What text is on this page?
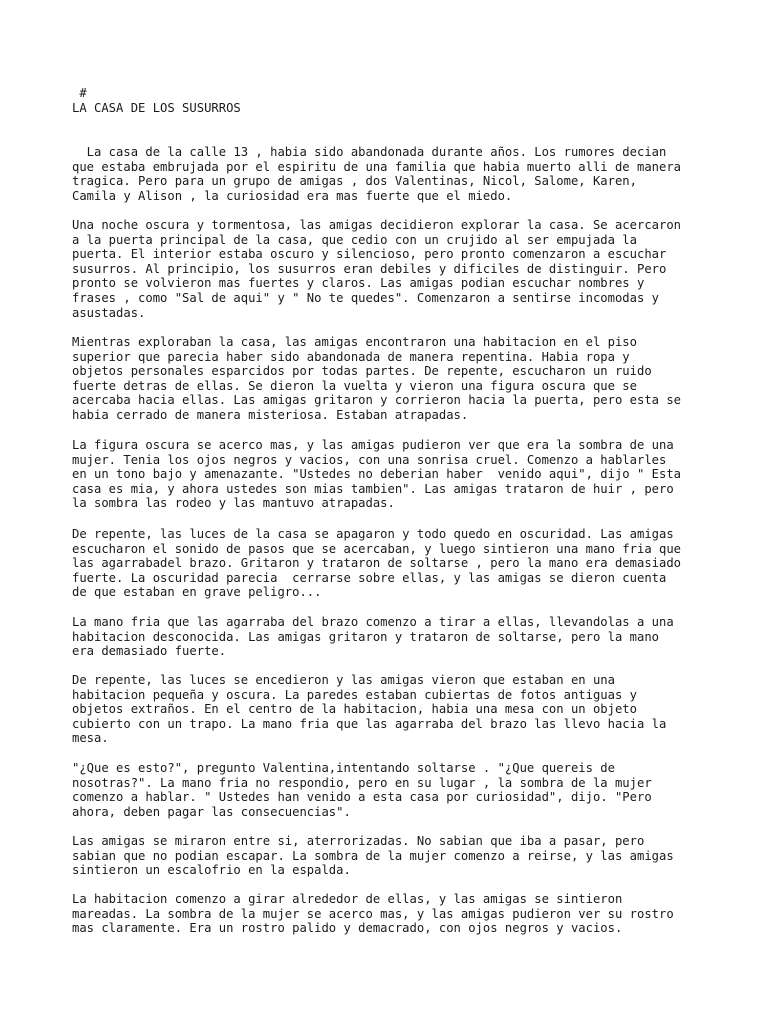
#
LA CASA DE LOS SUSURROS
La casa de la calle 13 , habia sido abandonada durante años. Los rumores decian
que estaba embrujada por el espiritu de una familia que habia muerto alli de manera
tragica. Pero para un grupo de amigas , dos Valentinas, Nicol, Salome, Karen,
Camila y Alison , la curiosidad era mas fuerte que el miedo.
Una noche oscura y tormentosa, las amigas decidieron explorar la casa. Se acercaron
a la puerta principal de la casa, que cedio con un crujido al ser empujada la
puerta. El interior estaba oscuro y silencioso, pero pronto comenzaron a escuchar
susurros. Al principio, los susurros eran debiles y dificiles de distinguir. Pero
pronto se volvieron mas fuertes y claros. Las amigas podian escuchar nombres y
frases , como "Sal de aqui" y " No te quedes". Comenzaron a sentirse incomodas y
asustadas.
Mientras exploraban la casa, las amigas encontraron una habitacion en el piso
superior que parecia haber sido abandonada de manera repentina. Habia ropa y
objetos personales esparcidos por todas partes. De repente, escucharon un ruido
fuerte detras de ellas. Se dieron la vuelta y vieron una figura oscura que se
acercaba hacia ellas. Las amigas gritaron y corrieron hacia la puerta, pero esta se
habia cerrado de manera misteriosa. Estaban atrapadas.
La figura oscura se acerco mas, y las amigas pudieron ver que era la sombra de una
mujer. Tenia los ojos negros y vacios, con una sonrisa cruel. Comenzo a hablarles
en un tono bajo y amenazante. "Ustedes no deberian haber  venido aqui", dijo " Esta
casa es mia, y ahora ustedes son mias tambien". Las amigas trataron de huir , pero
la sombra las rodeo y las mantuvo atrapadas.
De repente, las luces de la casa se apagaron y todo quedo en oscuridad. Las amigas
escucharon el sonido de pasos que se acercaban, y luego sintieron una mano fria que
las agarrabadel brazo. Gritaron y trataron de soltarse , pero la mano era demasiado
fuerte. La oscuridad parecia  cerrarse sobre ellas, y las amigas se dieron cuenta
de que estaban en grave peligro...
La mano fria que las agarraba del brazo comenzo a tirar a ellas, llevandolas a una
habitacion desconocida. Las amigas gritaron y trataron de soltarse, pero la mano
era demasiado fuerte.
De repente, las luces se encedieron y las amigas vieron que estaban en una
habitacion pequeña y oscura. La paredes estaban cubiertas de fotos antiguas y
objetos extraños. En el centro de la habitacion, habia una mesa con un objeto
cubierto con un trapo. La mano fria que las agarraba del brazo las llevo hacia la
mesa.
"¿Que es esto?", pregunto Valentina,intentando soltarse . "¿Que quereis de
nosotras?". La mano fria no respondio, pero en su lugar , la sombra de la mujer
comenzo a hablar. " Ustedes han venido a esta casa por curiosidad", dijo. "Pero
ahora, deben pagar las consecuencias".
Las amigas se miraron entre si, aterrorizadas. No sabian que iba a pasar, pero
sabian que no podian escapar. La sombra de la mujer comenzo a reirse, y las amigas
sintieron un escalofrio en la espalda.
La habitacion comenzo a girar alrededor de ellas, y las amigas se sintieron
mareadas. La sombra de la mujer se acerco mas, y las amigas pudieron ver su rostro
mas claramente. Era un rostro palido y demacrado, con ojos negros y vacios.
